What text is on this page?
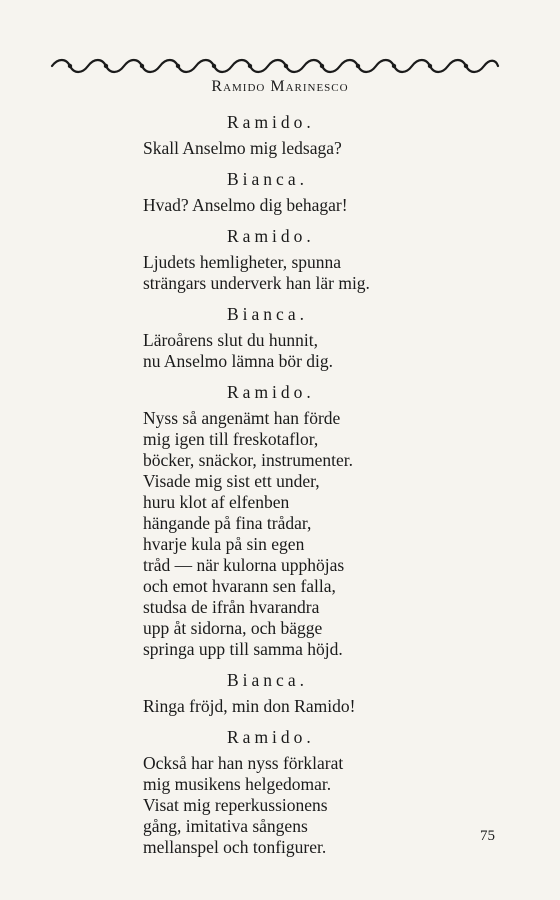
Ramido Marinesco
Ramido.
Skall Anselmo mig ledsaga?
Bianca.
Hvad? Anselmo dig behagar!
Ramido.
Ljudets hemligheter, spunna
strängars underverk han lär mig.
Bianca.
Läroårens slut du hunnit,
nu Anselmo lämna bör dig.
Ramido.
Nyss så angenämt han förde
mig igen till freskotaflor,
böcker, snäckor, instrumenter.
Visade mig sist ett under,
huru klot af elfenben
hängande på fina trådar,
hvarje kula på sin egen
tråd — när kulorna upphöjas
och emot hvarann sen falla,
studsa de ifrån hvarandra
upp åt sidorna, och bägge
springa upp till samma höjd.
Bianca.
Ringa fröjd, min don Ramido!
Ramido.
Också har han nyss förklarat
mig musikens helgedomar.
Visat mig reperkussionens
gång, imitativa sångens
mellanspel och tonfigurer.
75
